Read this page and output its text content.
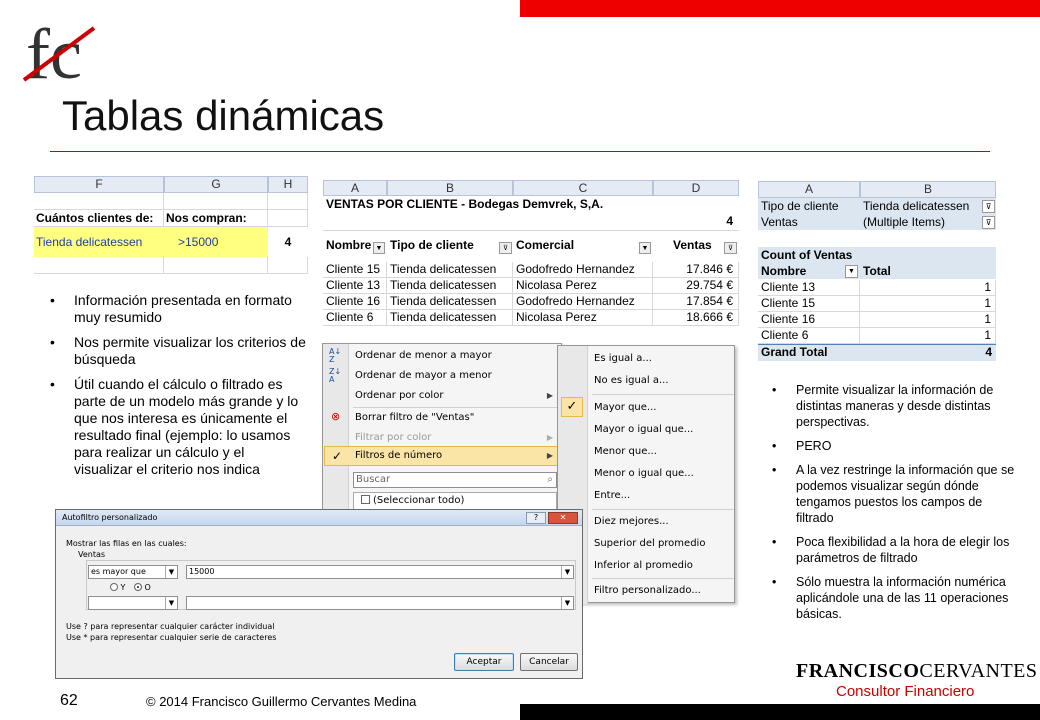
fc
Tablas dinámicas
F	G	H
Cuántos clientes de:	Nos compran:
Tienda delicatessen	>15000	4
• Información presentada en formato muy resumido
• Nos permite visualizar los criterios de búsqueda
• Útil cuando el cálculo o filtrado es parte de un modelo más grande y lo que nos interesa es únicamente el resultado final (ejemplo: lo usamos para realizar un cálculo y el visualizar el criterio nos indica
A	B	C	D
VENTAS POR CLIENTE - Bodegas Demvrek, S,A.
4
Nombre ▼ Tipo de cliente	⊽ Comercial	▼ Ventas	⊽
Cliente 15 Tienda delicatessen	Godofredo Hernandez	17.846 €
Cliente 13 Tienda delicatessen	Nicolasa Perez	29.754 €
Cliente 16 Tienda delicatessen	Godofredo Hernandez	17.854 €
Cliente 6	Tienda delicatessen	Nicolasa Perez	18.666 €
A	B
Tipo de cliente	Tienda delicatessen	⊽
Ventas	(Multiple Items)	⊽
Count of Ventas
Nombre	▼ Total
Cliente 13	1
Cliente 15	1
Cliente 16	1
Cliente 6	1
Grand Total	4
A↓
Z	Ordenar de menor a mayor
Z↓
A	Ordenar de mayor a menor
Ordenar por color	▶
⊗	Borrar filtro de "Ventas"
Filtrar por color	▶
✓ Filtros de número	▶
Buscar	⌕
(Seleccionar todo)
Es igual a...
No es igual a...
✓	Mayor que...
Mayor o igual que...
Menor que...
Menor o igual que...
Entre...
Diez mejores...
Superior del promedio
Inferior al promedio
Filtro personalizado...
• Permite visualizar la información de distintas maneras y desde distintas perspectivas.
• PERO
• A la vez restringe la información que se podemos visualizar según dónde tengamos puestos los campos de filtrado
• Poca flexibilidad a la hora de elegir los parámetros de filtrado
• Sólo muestra la información numérica aplicándole una de las 11 operaciones básicas.
Autofiltro personalizado	?	✕
Mostrar las filas en las cuales:
Ventas
es mayor que	▼	15000	▼
Y O
▼	▼
Use ? para representar cualquier carácter individual
Use * para representar cualquier serie de caracteres
Aceptar	Cancelar
62	© 2014 Francisco Guillermo Cervantes Medina
FRANCISCOCERVANTES
Consultor Financiero
